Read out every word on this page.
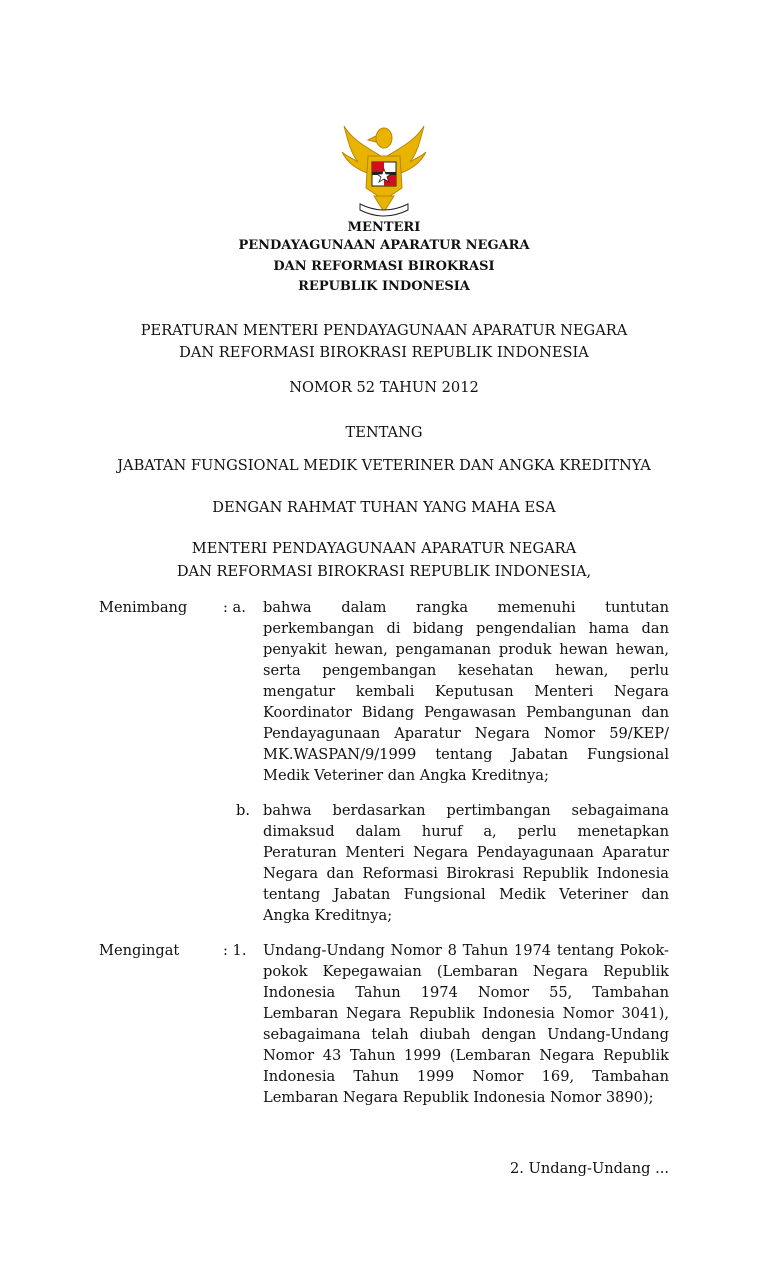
MENTERI
PENDAYAGUNAAN APARATUR NEGARA
DAN REFORMASI BIROKRASI
REPUBLIK INDONESIA
PERATURAN MENTERI PENDAYAGUNAAN APARATUR NEGARA
DAN REFORMASI BIROKRASI REPUBLIK INDONESIA
NOMOR 52 TAHUN 2012
TENTANG
JABATAN FUNGSIONAL MEDIK VETERINER DAN ANGKA KREDITNYA
DENGAN RAHMAT TUHAN YANG MAHA ESA
MENTERI PENDAYAGUNAAN APARATUR NEGARA
DAN REFORMASI BIROKRASI REPUBLIK INDONESIA,
Menimbang : a. bahwa dalam rangka memenuhi tuntutan
perkembangan di bidang pengendalian hama dan
penyakit hewan, pengamanan produk hewan hewan,
serta pengembangan kesehatan hewan, perlu
mengatur kembali Keputusan Menteri Negara
Koordinator Bidang Pengawasan Pembangunan dan
Pendayagunaan Aparatur Negara Nomor 59/KEP/
MK.WASPAN/9/1999 tentang Jabatan Fungsional
Medik Veteriner dan Angka Kreditnya;
b. bahwa berdasarkan pertimbangan sebagaimana
dimaksud dalam huruf a, perlu menetapkan
Peraturan Menteri Negara Pendayagunaan Aparatur
Negara dan Reformasi Birokrasi Republik Indonesia
tentang Jabatan Fungsional Medik Veteriner dan
Angka Kreditnya;
Mengingat	: 1. Undang-Undang Nomor 8 Tahun 1974 tentang Pokok-
pokok Kepegawaian (Lembaran Negara Republik
Indonesia Tahun 1974 Nomor 55, Tambahan
Lembaran Negara Republik Indonesia Nomor 3041),
sebagaimana telah diubah dengan Undang-Undang
Nomor 43 Tahun 1999 (Lembaran Negara Republik
Indonesia Tahun 1999 Nomor 169, Tambahan
Lembaran Negara Republik Indonesia Nomor 3890);
2. Undang-Undang ...
